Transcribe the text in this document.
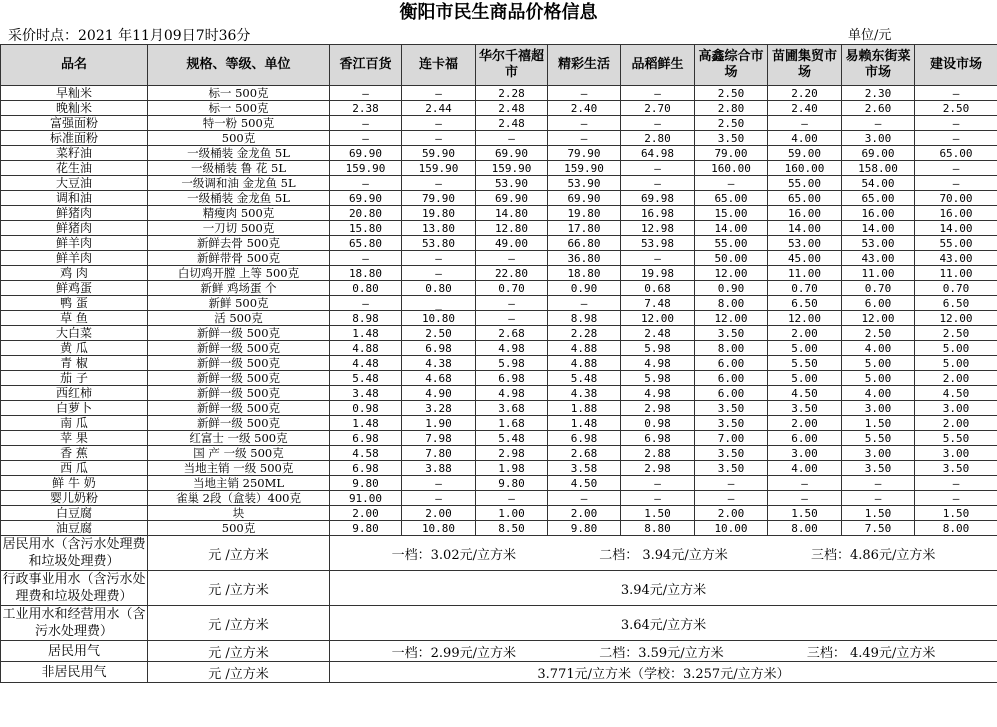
衡阳市民生商品价格信息
采价时点：2021 年11月09日7时36分	单位/元
品名	规格、等级、单位	香江百货	连卡福	华尔千禧超 市	精彩生活	品稻鲜生	高鑫综合市 场	苗圃集贸市 场	易赖东街菜市场	建设市场
早籼米	标一 500克	—	—	2.28	—	—	2.50	2.20	2.30	—
晚籼米	标一 500克	2.38	2.44	2.48	2.40	2.70	2.80	2.40	2.60	2.50
富强面粉	特一粉 500克	—	—	2.48	—	—	2.50	—	—	—
标准面粉	500克	—	—	—	—	2.80	3.50	4.00	3.00	—
菜籽油	一级桶装 金龙鱼 5L	69.90	59.90	69.90	79.90	64.98	79.00	59.00	69.00	65.00
花生油	一级桶装 鲁 花 5L	159.90	159.90	159.90	159.90	—	160.00	160.00	158.00	—
大豆油	一级调和油 金龙鱼 5L	—	—	53.90	53.90	—	—	55.00	54.00	—
调和油	一级桶装 金龙鱼 5L	69.90	79.90	69.90	69.90	69.98	65.00	65.00	65.00	70.00
鲜猪肉	精瘦肉 500克	20.80	19.80	14.80	19.80	16.98	15.00	16.00	16.00	16.00
鲜猪肉	一刀切 500克	15.80	13.80	12.80	17.80	12.98	14.00	14.00	14.00	14.00
鲜羊肉	新鲜去骨 500克	65.80	53.80	49.00	66.80	53.98	55.00	53.00	53.00	55.00
鲜羊肉	新鲜带骨 500克	—	—	—	36.80	—	50.00	45.00	43.00	43.00
鸡 肉	白切鸡开膛 上等 500克	18.80	—	22.80	18.80	19.98	12.00	11.00	11.00	11.00
鲜鸡蛋	新鲜 鸡场蛋 个	0.80	0.80	0.70	0.90	0.68	0.90	0.70	0.70	0.70
鸭 蛋	新鲜 500克	—	_	—	—	7.48	8.00	6.50	6.00	6.50
草 鱼	活 500克	8.98	10.80	—	8.98	12.00	12.00	12.00	12.00	12.00
大白菜	新鲜一级 500克	1.48	2.50	2.68	2.28	2.48	3.50	2.00	2.50	2.50
黄 瓜	新鲜一级 500克	4.88	6.98	4.98	4.88	5.98	8.00	5.00	4.00	5.00
青 椒	新鲜一级 500克	4.48	4.38	5.98	4.88	4.98	6.00	5.50	5.00	5.00
茄 子	新鲜一级 500克	5.48	4.68	6.98	5.48	5.98	6.00	5.00	5.00	2.00
西红柿	新鲜一级 500克	3.48	4.90	4.98	4.38	4.98	6.00	4.50	4.00	4.50
白萝卜	新鲜一级 500克	0.98	3.28	3.68	1.88	2.98	3.50	3.50	3.00	3.00
南 瓜	新鲜一级 500克	1.48	1.90	1.68	1.48	0.98	3.50	2.00	1.50	2.00
苹 果	红富士 一级 500克	6.98	7.98	5.48	6.98	6.98	7.00	6.00	5.50	5.50
香 蕉	国 产 一级 500克	4.58	7.80	2.98	2.68	2.88	3.50	3.00	3.00	3.00
西 瓜	当地主销 一级 500克	6.98	3.88	1.98	3.58	2.98	3.50	4.00	3.50	3.50
鲜 牛 奶	当地主销 250ML	9.80	—	9.80	4.50	—	—	—	—	—
婴儿奶粉	雀巢 2段（盒装）400克	91.00	—	—	—	—	—	—	—	—
白豆腐	块	2.00	2.00	1.00	2.00	1.50	2.00	1.50	1.50	1.50
油豆腐	500克	9.80	10.80	8.50	9.80	8.80	10.00	8.00	7.50	8.00
居民用水（含污水处理费和垃圾处理费）	元 /立方米	一档：3.02元/立方米 二档： 3.94元/立方米 三档：4.86元/立方米								

行政事业用水（含污水处理费和垃圾处理费）	元 /立方米	3.94元/立方米								
工业用水和经营用水（含污水处理费）	元 /立方米	3.64元/立方米								
居民用气	元 /立方米	一档：2.99元/立方米 二档：3.59元/立方米 三档： 4.49元/立方米								

非居民用气	元 /立方米	3.771元/立方米（学校：3.257元/立方米）								
